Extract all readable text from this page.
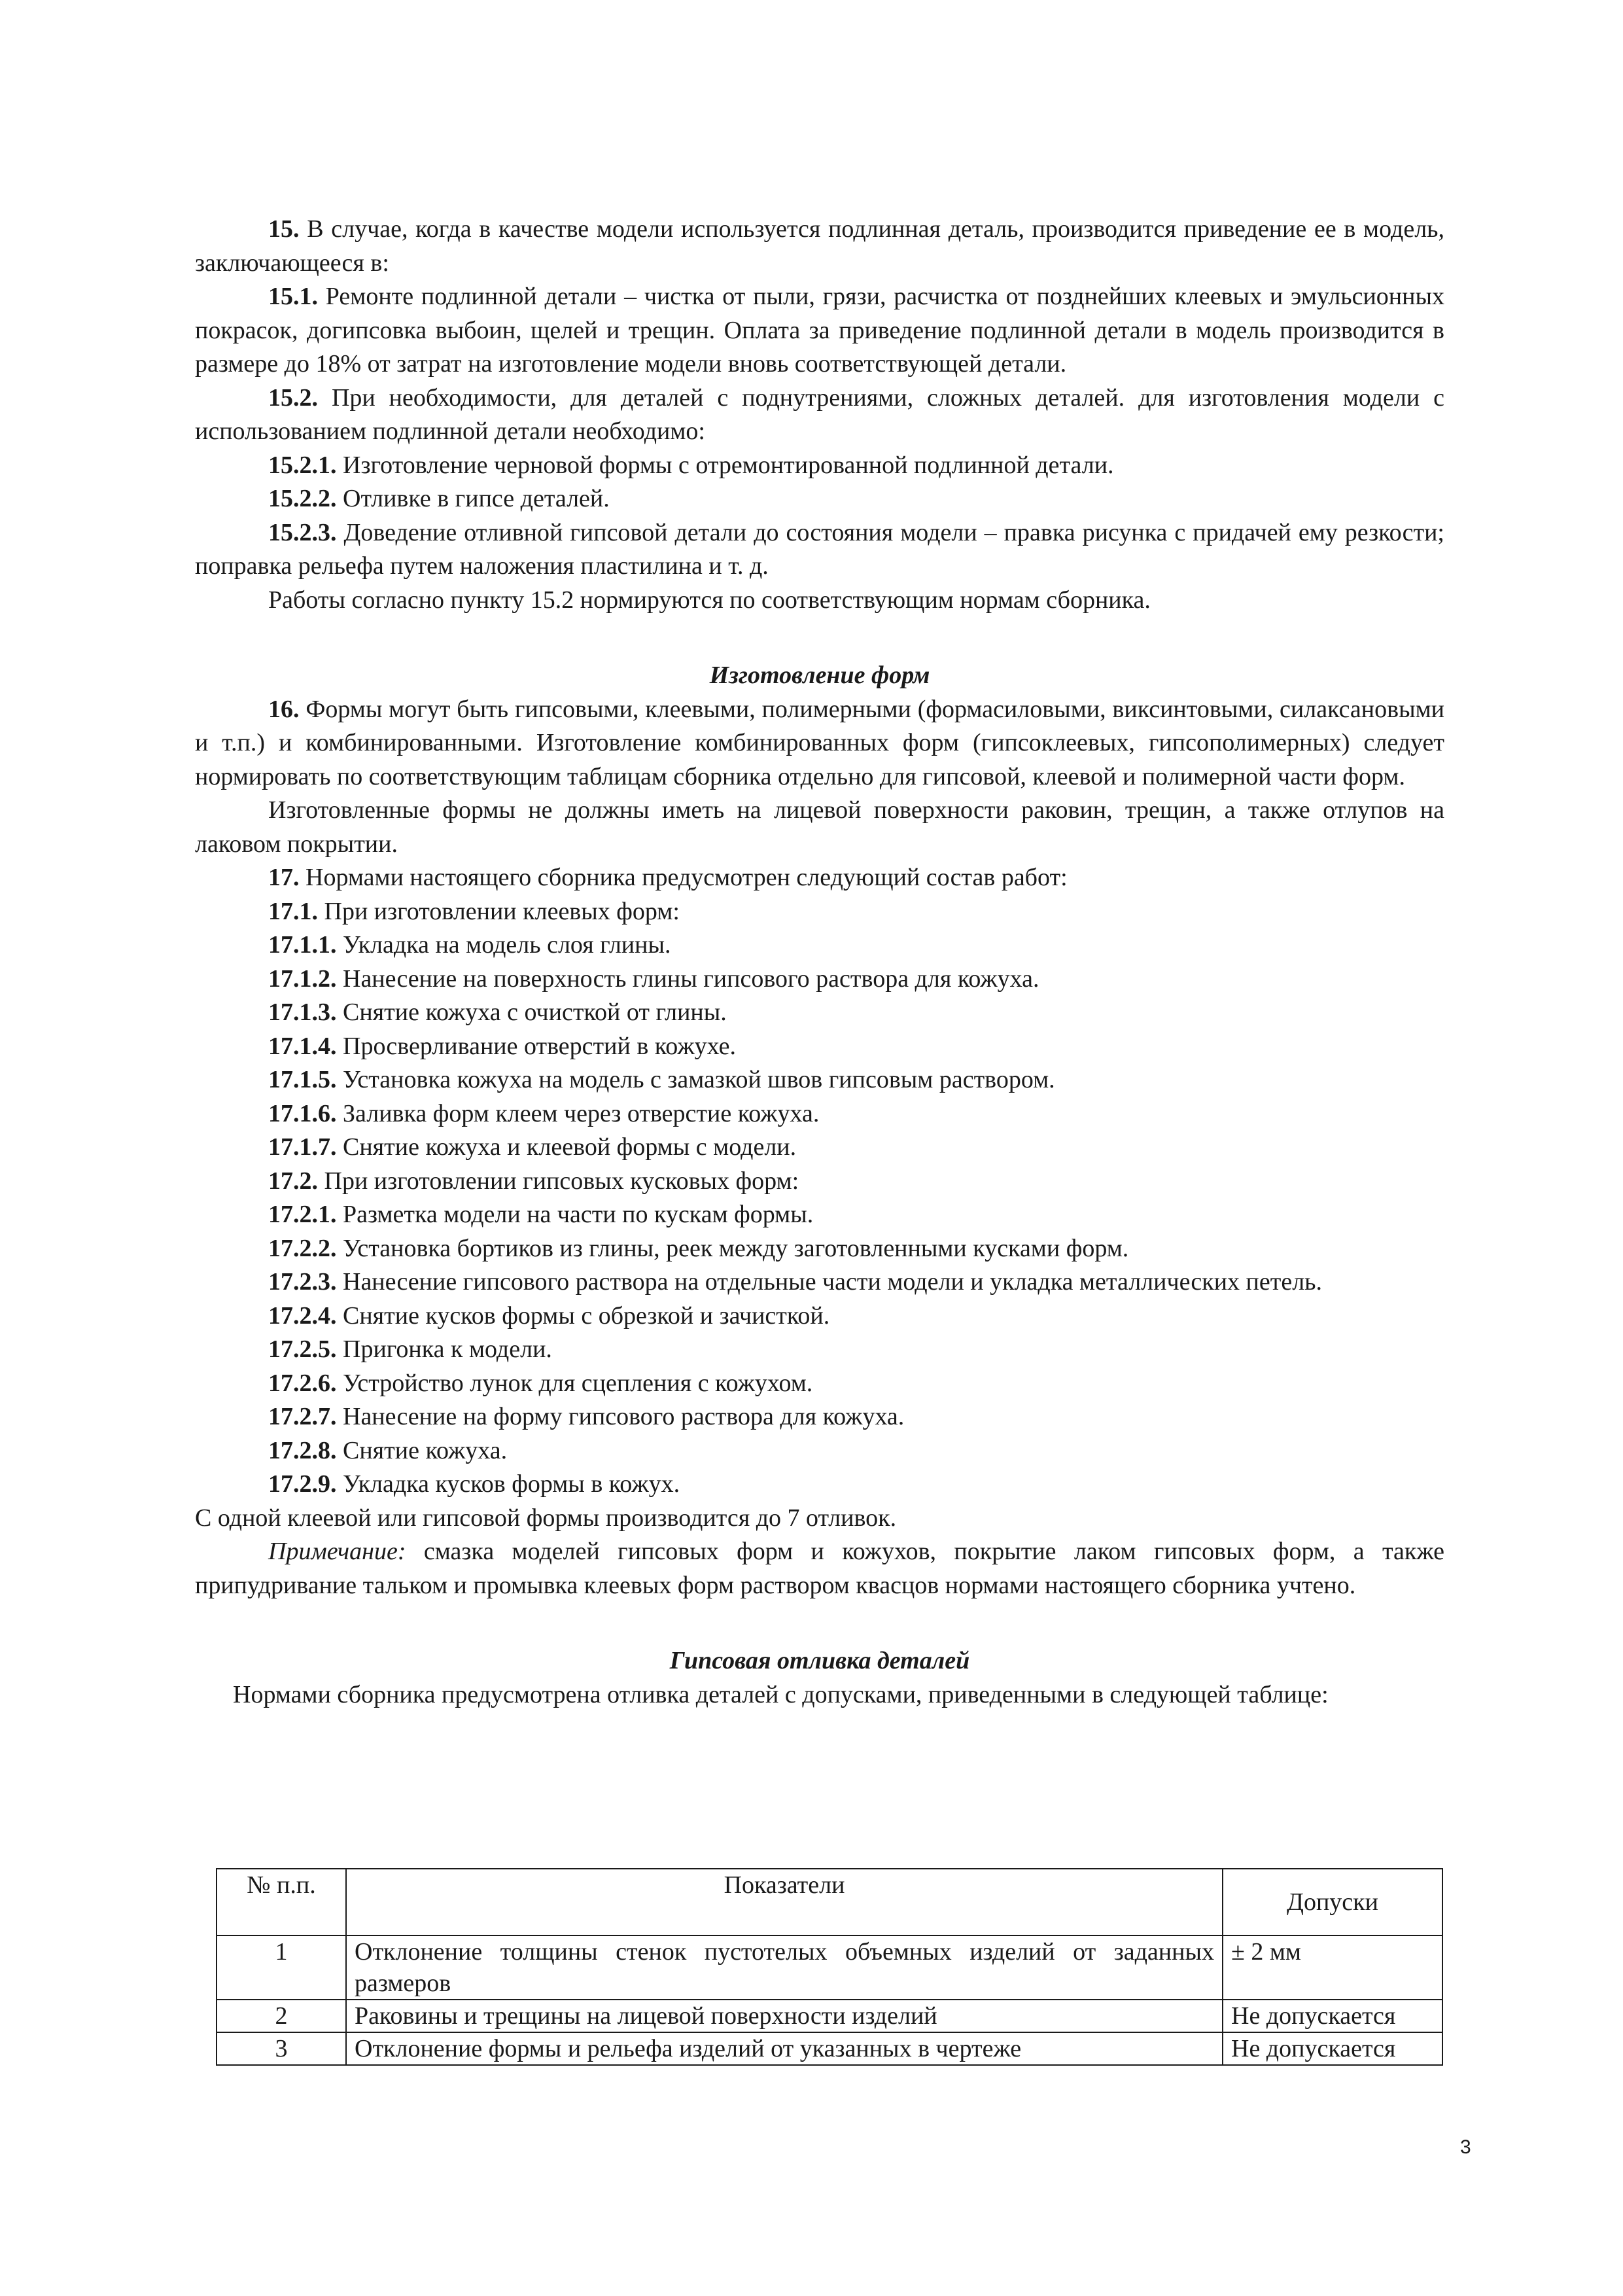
15. В случае, когда в качестве модели используется подлинная деталь, производится приведение ее в модель, заключающееся в:

15.1. Ремонте подлинной детали – чистка от пыли, грязи, расчистка от позднейших клеевых и эмульсионных покрасок, догипсовка выбоин, щелей и трещин. Оплата за приведение подлинной детали в модель производится в размере до 18% от затрат на изготовление модели вновь соответствующей детали.

15.2. При необходимости, для деталей с поднутрениями, сложных деталей. для изготовления модели с использованием подлинной детали необходимо:

15.2.1. Изготовление черновой формы с отремонтированной подлинной детали.

15.2.2. Отливке в гипсе деталей.

15.2.3. Доведение отливной гипсовой детали до состояния модели – правка рисунка с придачей ему резкости; поправка рельефа путем наложения пластилина и т. д.

Работы согласно пункту 15.2 нормируются по соответствующим нормам сборника.

Изготовление форм

16. Формы могут быть гипсовыми, клеевыми, полимерными (формасиловыми, виксинтовыми, силаксановыми и т.п.) и комбинированными. Изготовление комбинированных форм (гипсоклеевых, гипсополимерных) следует нормировать по соответствующим таблицам сборника отдельно для гипсовой, клеевой и полимерной части форм.

Изготовленные формы не должны иметь на лицевой поверхности раковин, трещин, а также отлупов на лаковом покрытии.

17. Нормами настоящего сборника предусмотрен следующий состав работ:

17.1. При изготовлении клеевых форм:

17.1.1. Укладка на модель слоя глины.

17.1.2. Нанесение на поверхность глины гипсового раствора для кожуха.

17.1.3. Снятие кожуха с очисткой от глины.

17.1.4. Просверливание отверстий в кожухе.

17.1.5. Установка кожуха на модель с замазкой швов гипсовым раствором.

17.1.6. Заливка форм клеем через отверстие кожуха.

17.1.7. Снятие кожуха и клеевой формы с модели.

17.2. При изготовлении гипсовых кусковых форм:

17.2.1. Разметка модели на части по кускам формы.

17.2.2. Установка бортиков из глины, реек между заготовленными кусками форм.

17.2.3. Нанесение гипсового раствора на отдельные части модели и укладка металлических петель.

17.2.4. Снятие кусков формы с обрезкой и зачисткой.

17.2.5. Пригонка к модели.

17.2.6. Устройство лунок для сцепления с кожухом.

17.2.7. Нанесение на форму гипсового раствора для кожуха.

17.2.8. Снятие кожуха.

17.2.9. Укладка кусков формы в кожух.

С одной клеевой или гипсовой формы производится до 7 отливок.

Примечание: смазка моделей гипсовых форм и кожухов, покрытие лаком гипсовых форм, а также припудривание тальком и промывка клеевых форм раствором квасцов нормами настоящего сборника учтено.

Гипсовая отливка деталей

Нормами сборника предусмотрена отливка деталей с допусками, приведенными в следующей таблице:

№ п.п.	Показатели	Допуски
1	Отклонение толщины стенок пустотелых объемных изделий от заданных размеров	± 2 мм
2	Раковины и трещины на лицевой поверхности изделий	Не допускается
3	Отклонение формы и рельефа изделий от указанных в чертеже	Не допускается
3
